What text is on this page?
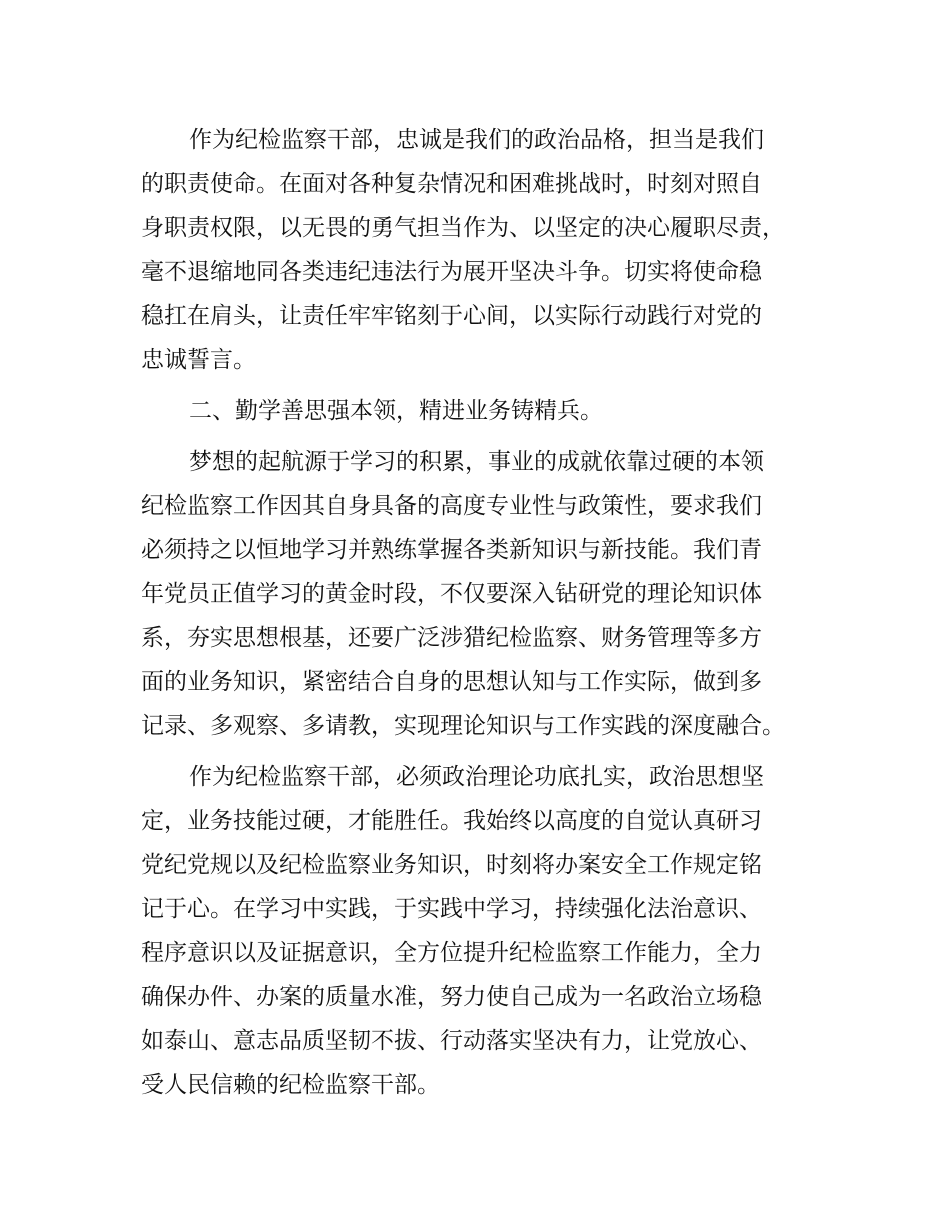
作为纪检监察干部，忠诚是我们的政治品格，担当是我们

的职责使命。在面对各种复杂情况和困难挑战时，时刻对照自

身职责权限，以无畏的勇气担当作为、以坚定的决心履职尽责，

毫不退缩地同各类违纪违法行为展开坚决斗争。切实将使命稳

稳扛在肩头，让责任牢牢铭刻于心间，以实际行动践行对党的

忠诚誓言。

二、勤学善思强本领，精进业务铸精兵。

梦想的起航源于学习的积累，事业的成就依靠过硬的本领

纪检监察工作因其自身具备的高度专业性与政策性，要求我们

必须持之以恒地学习并熟练掌握各类新知识与新技能。我们青

年党员正值学习的黄金时段，不仅要深入钻研党的理论知识体

系，夯实思想根基，还要广泛涉猎纪检监察、财务管理等多方

面的业务知识，紧密结合自身的思想认知与工作实际，做到多

记录、多观察、多请教，实现理论知识与工作实践的深度融合。

作为纪检监察干部，必须政治理论功底扎实，政治思想坚

定，业务技能过硬，才能胜任。我始终以高度的自觉认真研习

党纪党规以及纪检监察业务知识，时刻将办案安全工作规定铭

记于心。在学习中实践，于实践中学习，持续强化法治意识、

程序意识以及证据意识，全方位提升纪检监察工作能力，全力

确保办件、办案的质量水准，努力使自己成为一名政治立场稳

如泰山、意志品质坚韧不拔、行动落实坚决有力，让党放心、

受人民信赖的纪检监察干部。
